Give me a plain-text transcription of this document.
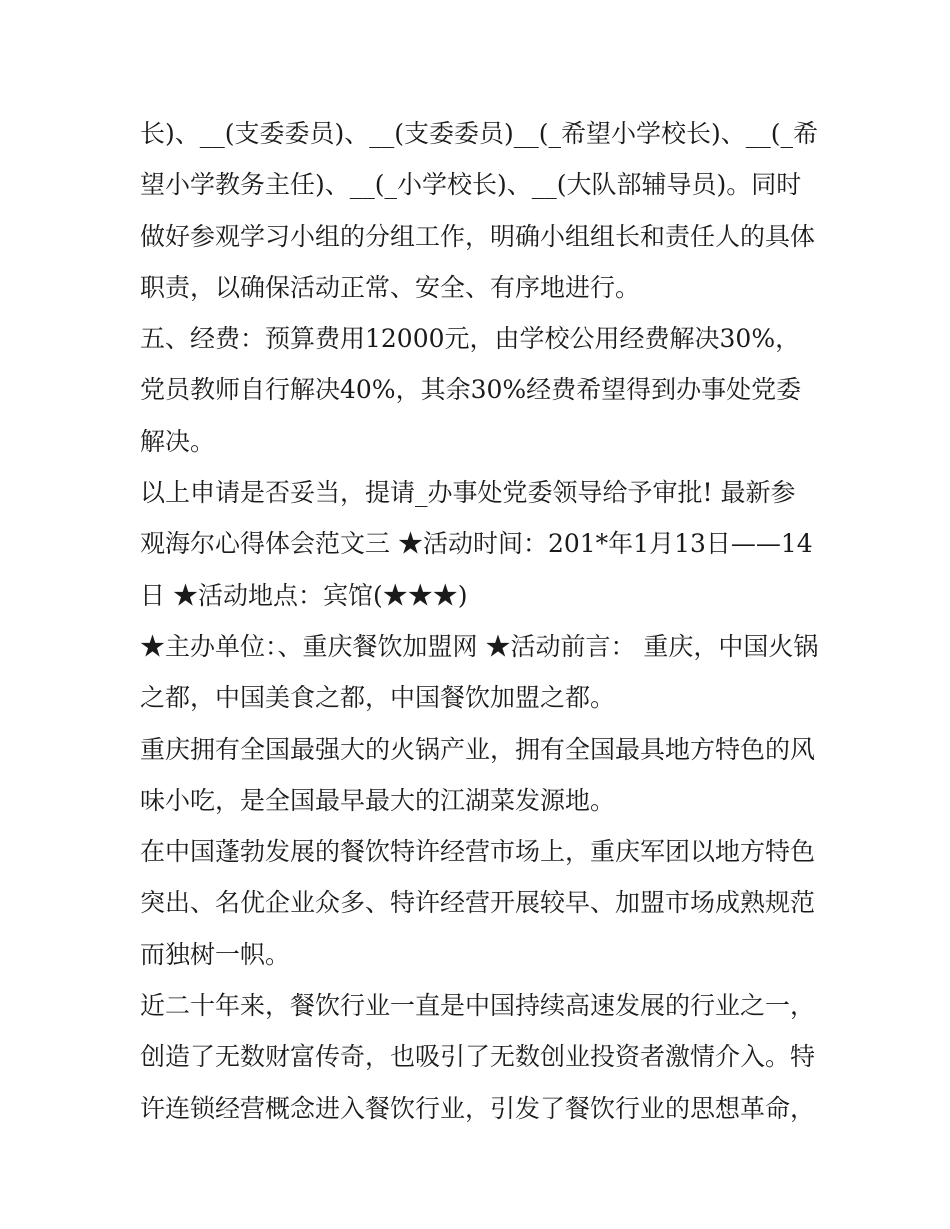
长)、__(支委委员)、__(支委委员)__(_希望小学校长)、__(_希望小学教务主任)、__(_小学校长)、__(大队部辅导员)。同时做好参观学习小组的分组工作，明确小组组长和责任人的具体职责，以确保活动正常、安全、有序地进行。

五、经费：预算费用12000元，由学校公用经费解决30%，党员教师自行解决40%，其余30%经费希望得到办事处党委解决。

以上申请是否妥当，提请_办事处党委领导给予审批! 最新参观海尔心得体会范文三 ★活动时间：201*年1月13日——14日 ★活动地点：宾馆(★★★)

★主办单位：、重庆餐饮加盟网 ★活动前言： 重庆，中国火锅之都，中国美食之都，中国餐饮加盟之都。

重庆拥有全国最强大的火锅产业，拥有全国最具地方特色的风味小吃，是全国最早最大的江湖菜发源地。

在中国蓬勃发展的餐饮特许经营市场上，重庆军团以地方特色突出、名优企业众多、特许经营开展较早、加盟市场成熟规范而独树一帜。

近二十年来，餐饮行业一直是中国持续高速发展的行业之一，创造了无数财富传奇，也吸引了无数创业投资者激情介入。特许连锁经营概念进入餐饮行业，引发了餐饮行业的思想革命，
